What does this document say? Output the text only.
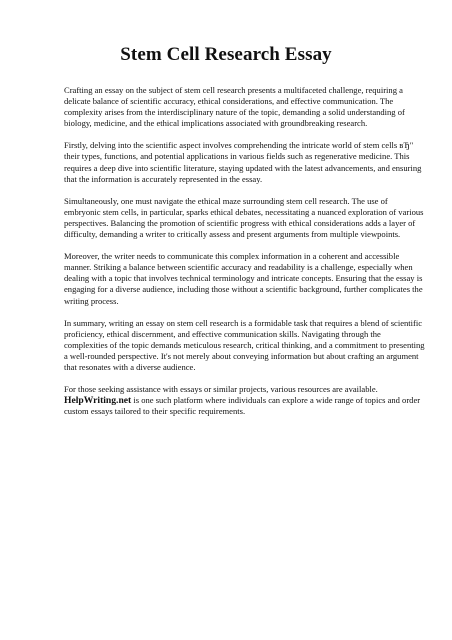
Stem Cell Research Essay

Crafting an essay on the subject of stem cell research presents a multifaceted challenge, requiring a delicate balance of scientific accuracy, ethical considerations, and effective communication. The complexity arises from the interdisciplinary nature of the topic, demanding a solid understanding of biology, medicine, and the ethical implications associated with groundbreaking research.

Firstly, delving into the scientific aspect involves comprehending the intricate world of stem cells вЂ" their types, functions, and potential applications in various fields such as regenerative medicine. This requires a deep dive into scientific literature, staying updated with the latest advancements, and ensuring that the information is accurately represented in the essay.

Simultaneously, one must navigate the ethical maze surrounding stem cell research. The use of embryonic stem cells, in particular, sparks ethical debates, necessitating a nuanced exploration of various perspectives. Balancing the promotion of scientific progress with ethical considerations adds a layer of difficulty, demanding a writer to critically assess and present arguments from multiple viewpoints.

Moreover, the writer needs to communicate this complex information in a coherent and accessible manner. Striking a balance between scientific accuracy and readability is a challenge, especially when dealing with a topic that involves technical terminology and intricate concepts. Ensuring that the essay is engaging for a diverse audience, including those without a scientific background, further complicates the writing process.

In summary, writing an essay on stem cell research is a formidable task that requires a blend of scientific proficiency, ethical discernment, and effective communication skills. Navigating through the complexities of the topic demands meticulous research, critical thinking, and a commitment to presenting a well-rounded perspective. It's not merely about conveying information but about crafting an argument that resonates with a diverse audience.

For those seeking assistance with essays or similar projects, various resources are available.
HelpWriting.net is one such platform where individuals can explore a wide range of topics and order custom essays tailored to their specific requirements.
